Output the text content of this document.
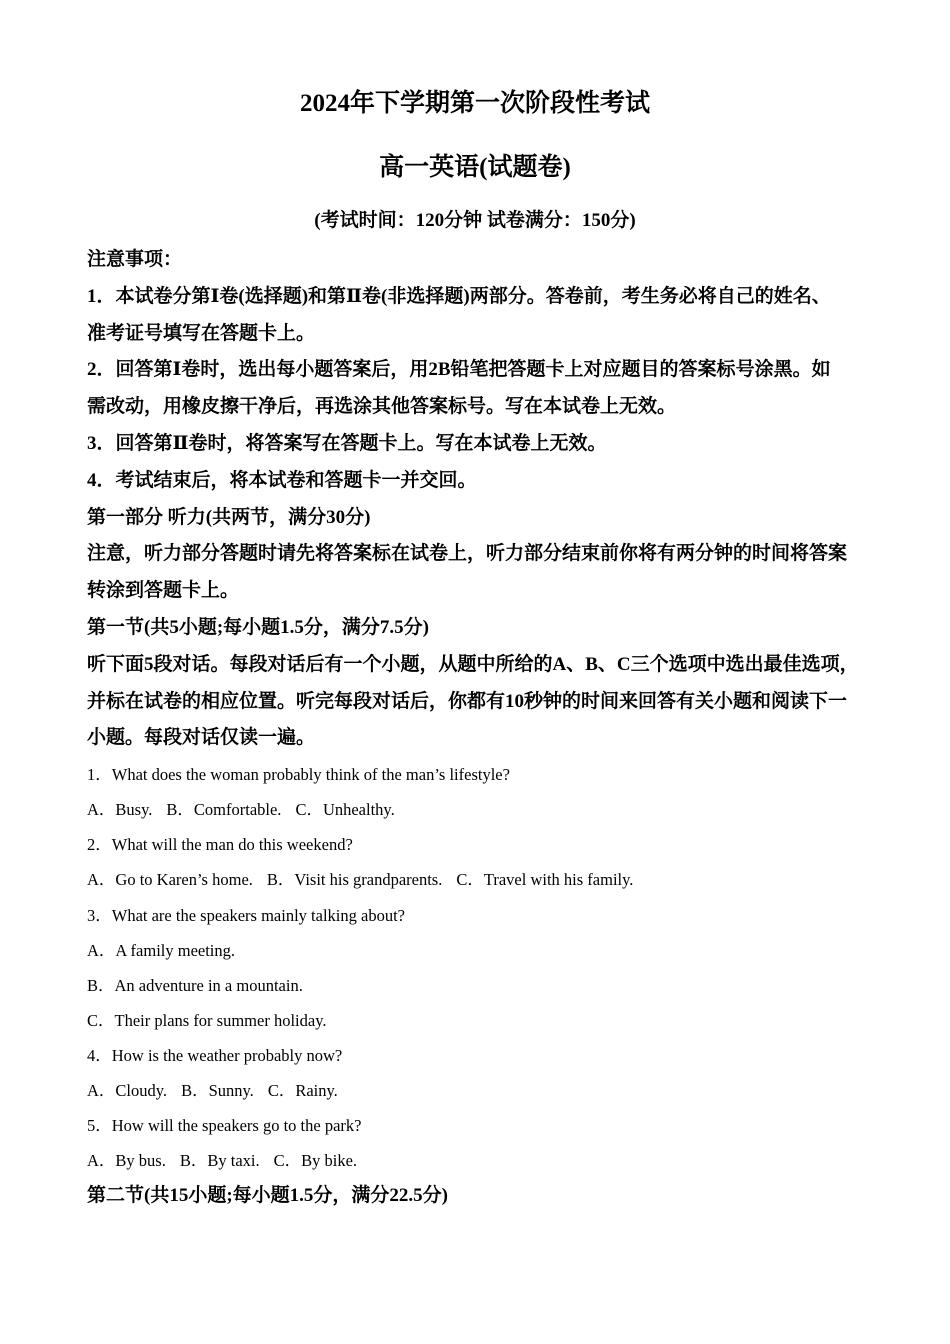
2024年下学期第一次阶段性考试
高一英语(试题卷)
(考试时间：120分钟 试卷满分：150分)
注意事项：
1．本试卷分第Ⅰ卷(选择题)和第Ⅱ卷(非选择题)两部分。答卷前，考生务必将自己的姓名、
准考证号填写在答题卡上。
2．回答第Ⅰ卷时，选出每小题答案后，用2B铅笔把答题卡上对应题目的答案标号涂黑。如
需改动，用橡皮擦干净后，再选涂其他答案标号。写在本试卷上无效。
3．回答第Ⅱ卷时，将答案写在答题卡上。写在本试卷上无效。
4．考试结束后，将本试卷和答题卡一并交回。
第一部分 听力(共两节，满分30分)
注意，听力部分答题时请先将答案标在试卷上，听力部分结束前你将有两分钟的时间将答案
转涂到答题卡上。
第一节(共5小题;每小题1.5分，满分7.5分)
听下面5段对话。每段对话后有一个小题，从题中所给的A、B、C三个选项中选出最佳选项，
并标在试卷的相应位置。听完每段对话后，你都有10秒钟的时间来回答有关小题和阅读下一
小题。每段对话仅读一遍。
1．What does the woman probably think of the man’s lifestyle?
A．Busy. B．Comfortable. C．Unhealthy.
2．What will the man do this weekend?
A．Go to Karen’s home. B．Visit his grandparents. C．Travel with his family.
3．What are the speakers mainly talking about?
A．A family meeting.
B．An adventure in a mountain.
C．Their plans for summer holiday.
4．How is the weather probably now?
A．Cloudy. B．Sunny. C．Rainy.
5．How will the speakers go to the park?
A．By bus. B．By taxi. C．By bike.
第二节(共15小题;每小题1.5分，满分22.5分)
